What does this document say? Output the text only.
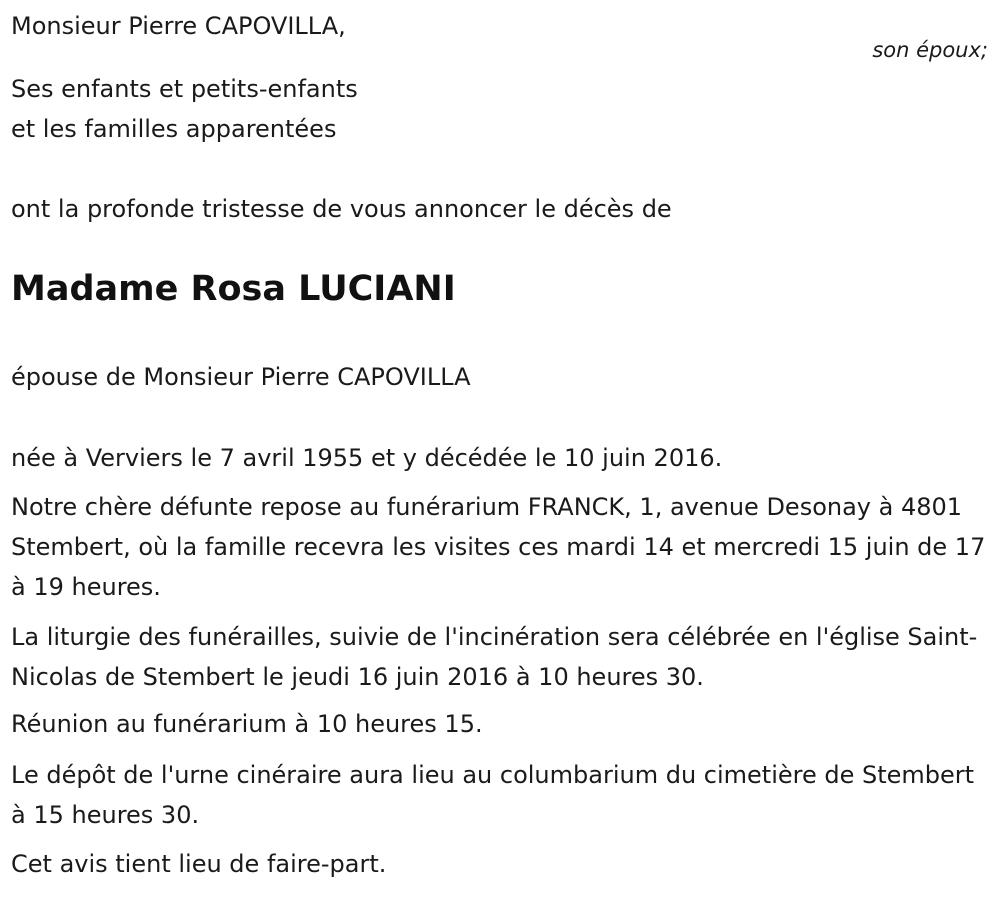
Monsieur Pierre CAPOVILLA,

son époux;

Ses enfants et petits-enfants

et les familles apparentées

ont la profonde tristesse de vous annoncer le décès de

Madame Rosa LUCIANI

épouse de Monsieur Pierre CAPOVILLA

née à Verviers le 7 avril 1955 et y décédée le 10 juin 2016.

Notre chère défunte repose au funérarium FRANCK, 1, avenue Desonay à 4801 Stembert, où la famille recevra les visites ces mardi 14 et mercredi 15 juin de 17 à 19 heures.

La liturgie des funérailles, suivie de l'incinération sera célébrée en l'église Saint-Nicolas de Stembert le jeudi 16 juin 2016 à 10 heures 30.

Réunion au funérarium à 10 heures 15.

Le dépôt de l'urne cinéraire aura lieu au columbarium du cimetière de Stembert à 15 heures 30.

Cet avis tient lieu de faire-part.
